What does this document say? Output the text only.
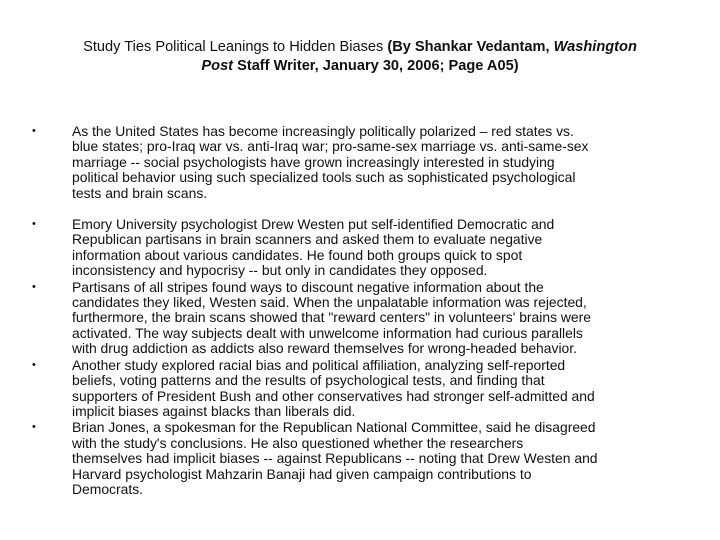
Study Ties Political Leanings to Hidden Biases (By Shankar Vedantam, Washington
Post Staff Writer, January 30, 2006; Page A05)
•	As the United States has become increasingly politically polarized – red states vs.
blue states; pro-Iraq war vs. anti-Iraq war; pro-same-sex marriage vs. anti-same-sex
marriage -- social psychologists have grown increasingly interested in studying
political behavior using such specialized tools such as sophisticated psychological
tests and brain scans.
•	Emory University psychologist Drew Westen put self-identified Democratic and
Republican partisans in brain scanners and asked them to evaluate negative
information about various candidates. He found both groups quick to spot
inconsistency and hypocrisy -- but only in candidates they opposed.
•	Partisans of all stripes found ways to discount negative information about the
candidates they liked, Westen said. When the unpalatable information was rejected,
furthermore, the brain scans showed that "reward centers" in volunteers' brains were
activated. The way subjects dealt with unwelcome information had curious parallels
with drug addiction as addicts also reward themselves for wrong-headed behavior.
•	Another study explored racial bias and political affiliation, analyzing self-reported
beliefs, voting patterns and the results of psychological tests, and finding that
supporters of President Bush and other conservatives had stronger self-admitted and
implicit biases against blacks than liberals did.
•	Brian Jones, a spokesman for the Republican National Committee, said he disagreed
with the study's conclusions. He also questioned whether the researchers
themselves had implicit biases -- against Republicans -- noting that Drew Westen and
Harvard psychologist Mahzarin Banaji had given campaign contributions to
Democrats.
